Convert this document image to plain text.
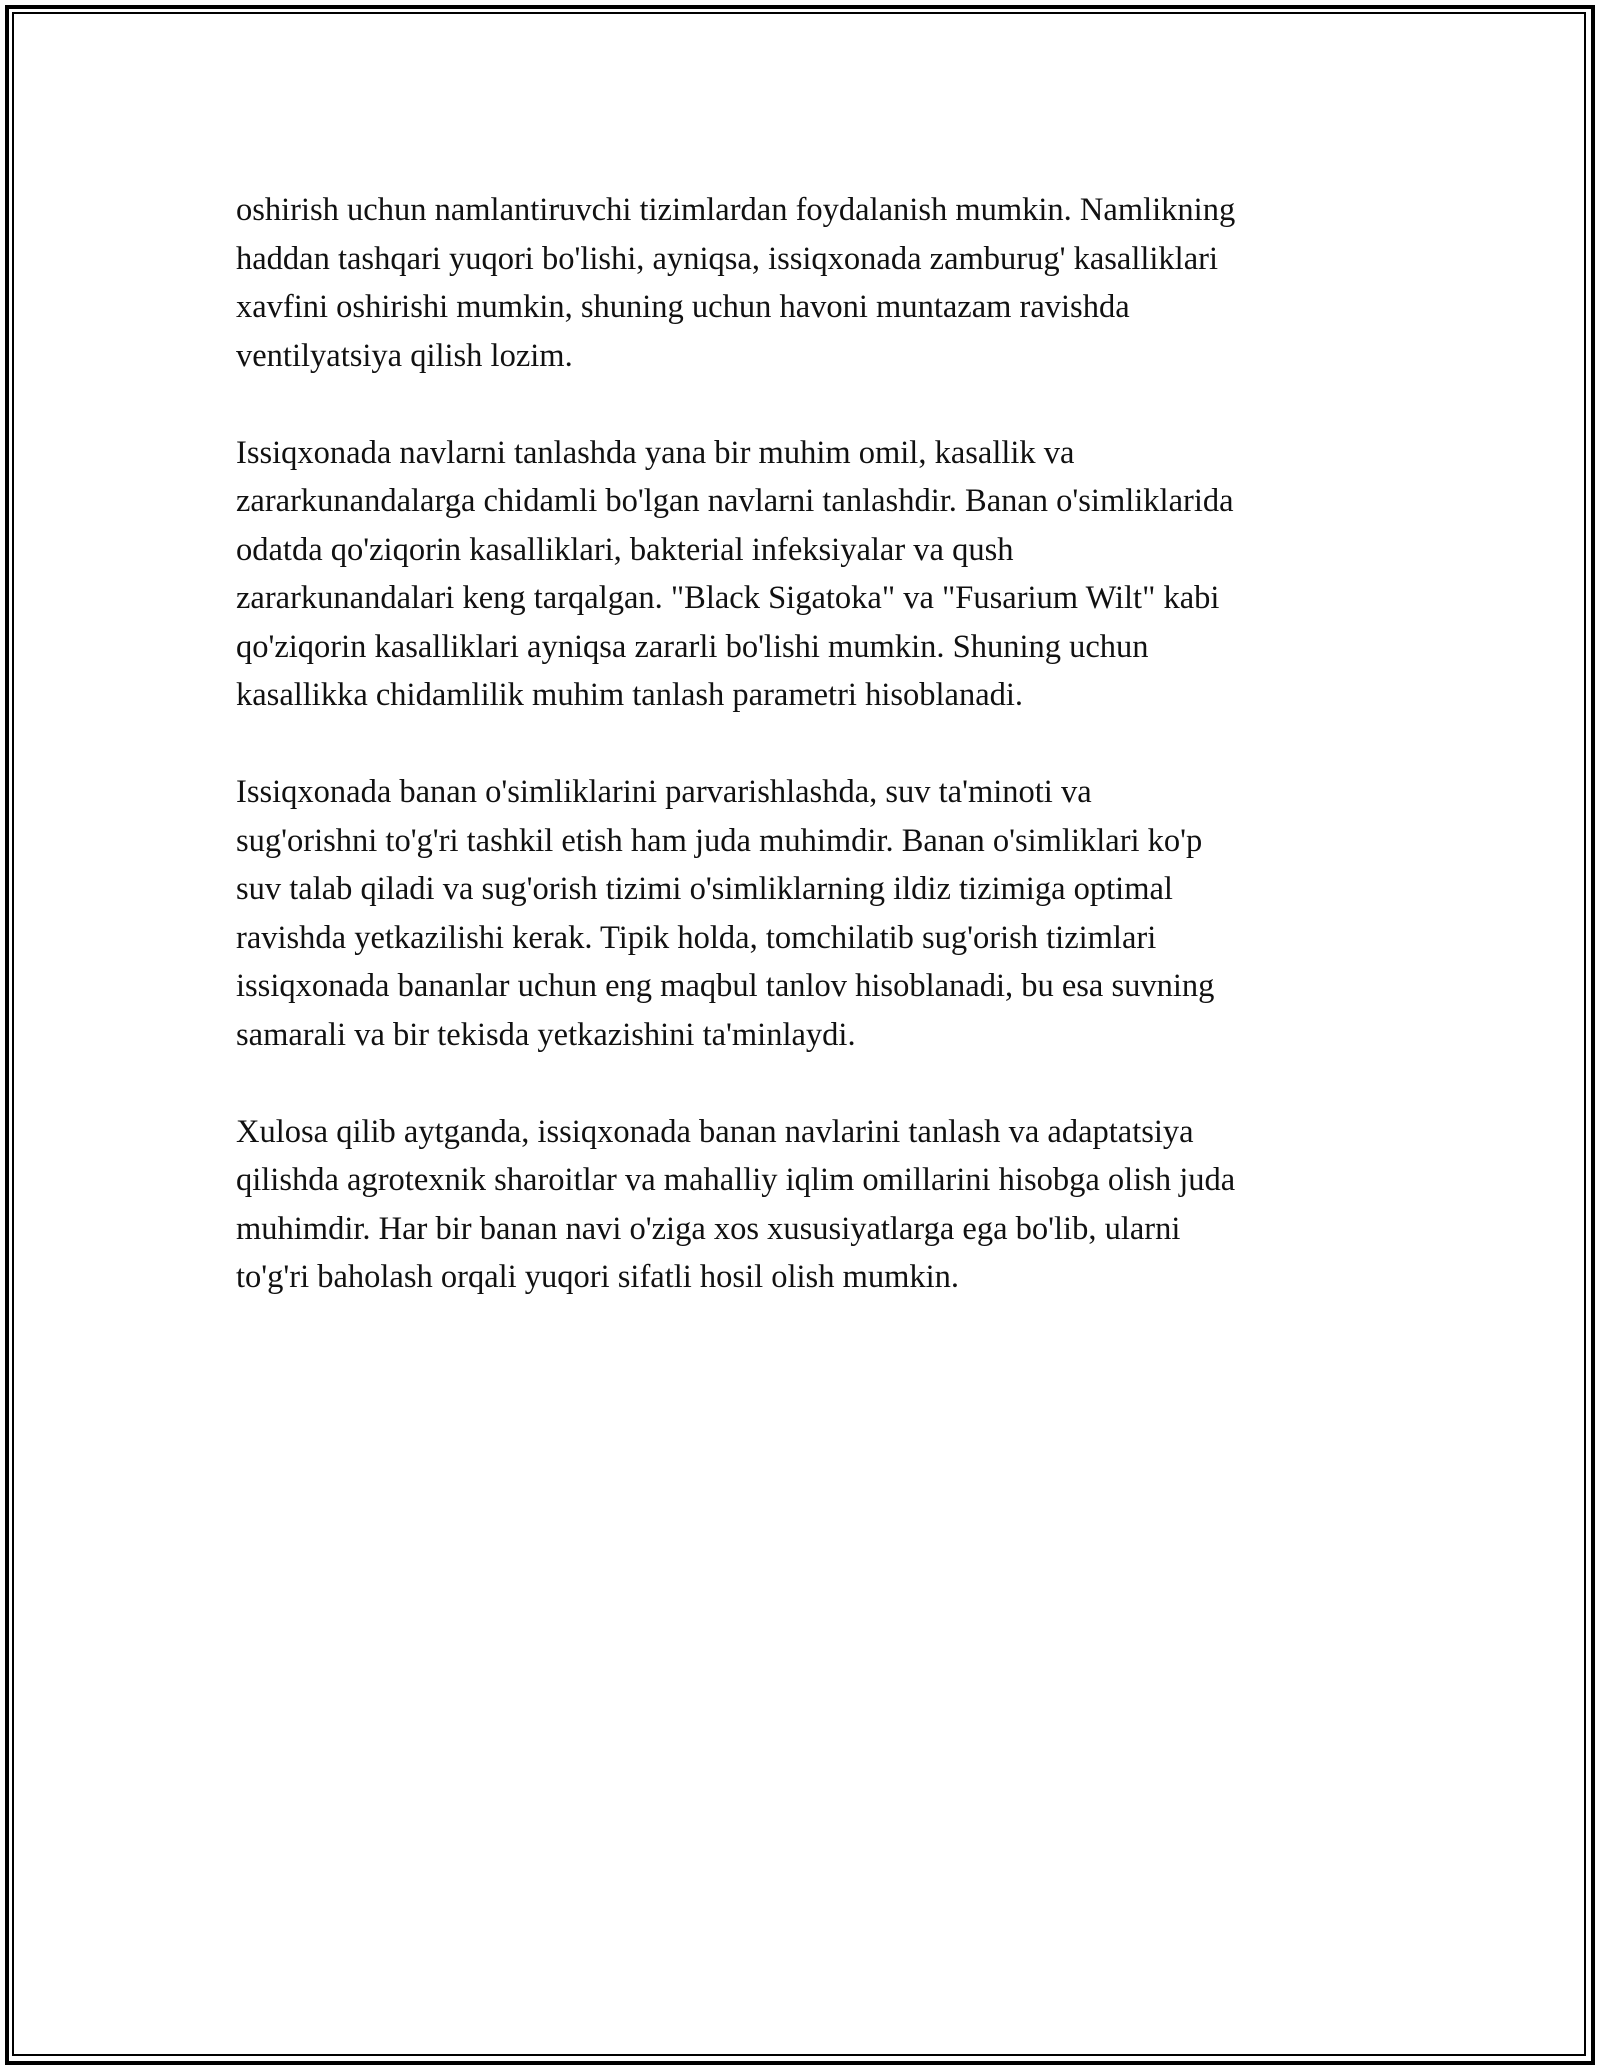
oshirish uchun namlantiruvchi tizimlardan foydalanish mumkin. Namlikning
haddan tashqari yuqori bo'lishi, ayniqsa, issiqxonada zamburug' kasalliklari
xavfini oshirishi mumkin, shuning uchun havoni muntazam ravishda
ventilyatsiya qilish lozim.

Issiqxonada navlarni tanlashda yana bir muhim omil, kasallik va
zararkunandalarga chidamli bo'lgan navlarni tanlashdir. Banan o'simliklarida
odatda qo'ziqorin kasalliklari, bakterial infeksiyalar va qush
zararkunandalari keng tarqalgan. "Black Sigatoka" va "Fusarium Wilt" kabi
qo'ziqorin kasalliklari ayniqsa zararli bo'lishi mumkin. Shuning uchun
kasallikka chidamlilik muhim tanlash parametri hisoblanadi.

Issiqxonada banan o'simliklarini parvarishlashda, suv ta'minoti va
sug'orishni to'g'ri tashkil etish ham juda muhimdir. Banan o'simliklari ko'p
suv talab qiladi va sug'orish tizimi o'simliklarning ildiz tizimiga optimal
ravishda yetkazilishi kerak. Tipik holda, tomchilatib sug'orish tizimlari
issiqxonada bananlar uchun eng maqbul tanlov hisoblanadi, bu esa suvning
samarali va bir tekisda yetkazishini ta'minlaydi.

Xulosa qilib aytganda, issiqxonada banan navlarini tanlash va adaptatsiya
qilishda agrotexnik sharoitlar va mahalliy iqlim omillarini hisobga olish juda
muhimdir. Har bir banan navi o'ziga xos xususiyatlarga ega bo'lib, ularni
to'g'ri baholash orqali yuqori sifatli hosil olish mumkin.
